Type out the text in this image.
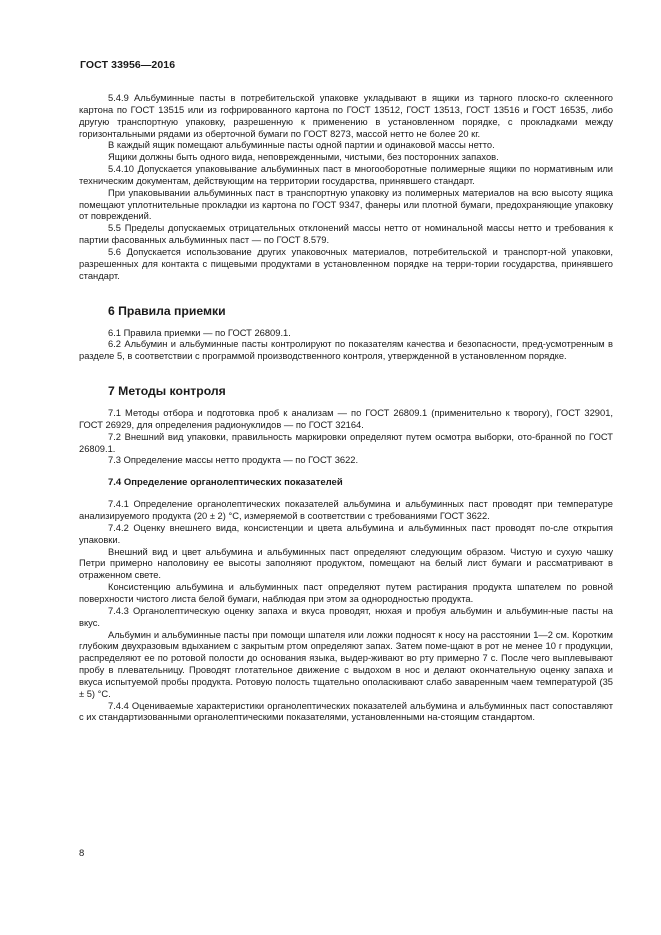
ГОСТ 33956—2016

5.4.9 Альбуминные пасты в потребительской упаковке укладывают в ящики из тарного плоско-го склеенного картона по ГОСТ 13515 или из гофрированного картона по ГОСТ 13512, ГОСТ 13513, ГОСТ 13516 и ГОСТ 16535, либо другую транспортную упаковку, разрешенную к применению в установленном порядке, с прокладками между горизонтальными рядами из оберточной бумаги по ГОСТ 8273, массой нетто не более 20 кг.

В каждый ящик помещают альбуминные пасты одной партии и одинаковой массы нетто.

Ящики должны быть одного вида, неповрежденными, чистыми, без посторонних запахов.

5.4.10 Допускается упаковывание альбуминных паст в многооборотные полимерные ящики по нормативным или техническим документам, действующим на территории государства, принявшего стандарт.

При упаковывании альбуминных паст в транспортную упаковку из полимерных материалов на всю высоту ящика помещают уплотнительные прокладки из картона по ГОСТ 9347, фанеры или плотной бумаги, предохраняющие упаковку от повреждений.

5.5 Пределы допускаемых отрицательных отклонений массы нетто от номинальной массы нетто и требования к партии фасованных альбуминных паст — по ГОСТ 8.579.

5.6 Допускается использование других упаковочных материалов, потребительской и транспорт-ной упаковки, разрешенных для контакта с пищевыми продуктами в установленном порядке на терри-тории государства, принявшего стандарт.

6 Правила приемки

6.1 Правила приемки — по ГОСТ 26809.1.

6.2 Альбумин и альбуминные пасты контролируют по показателям качества и безопасности, пред-усмотренным в разделе 5, в соответствии с программой производственного контроля, утвержденной в установленном порядке.

7 Методы контроля

7.1 Методы отбора и подготовка проб к анализам — по ГОСТ 26809.1 (применительно к творогу), ГОСТ 32901, ГОСТ 26929, для определения радионуклидов — по ГОСТ 32164.

7.2 Внешний вид упаковки, правильность маркировки определяют путем осмотра выборки, ото-бранной по ГОСТ 26809.1.

7.3 Определение массы нетто продукта — по ГОСТ 3622.

7.4 Определение органолептических показателей

7.4.1 Определение органолептических показателей альбумина и альбуминных паст проводят при температуре анализируемого продукта (20 ± 2) °С, измеряемой в соответствии с требованиями ГОСТ 3622.

7.4.2 Оценку внешнего вида, консистенции и цвета альбумина и альбуминных паст проводят по-сле открытия упаковки.

Внешний вид и цвет альбумина и альбуминных паст определяют следующим образом. Чистую и сухую чашку Петри примерно наполовину ее высоты заполняют продуктом, помещают на белый лист бумаги и рассматривают в отраженном свете.

Консистенцию альбумина и альбуминных паст определяют путем растирания продукта шпателем по ровной поверхности чистого листа белой бумаги, наблюдая при этом за однородностью продукта.

7.4.3 Органолептическую оценку запаха и вкуса проводят, нюхая и пробуя альбумин и альбумин-ные пасты на вкус.

Альбумин и альбуминные пасты при помощи шпателя или ложки подносят к носу на расстоянии 1—2 см. Коротким глубоким двухразовым вдыханием с закрытым ртом определяют запах. Затем поме-щают в рот не менее 10 г продукции, распределяют ее по ротовой полости до основания языка, выдер-живают во рту примерно 7 с. После чего выплевывают пробу в плевательницу. Проводят глотательное движение с выдохом в нос и делают окончательную оценку запаха и вкуса испытуемой пробы продукта. Ротовую полость тщательно ополаскивают слабо заваренным чаем температурой (35 ± 5) °С.

7.4.4 Оцениваемые характеристики органолептических показателей альбумина и альбуминных паст сопоставляют с их стандартизованными органолептическими показателями, установленными на-стоящим стандартом.

8
